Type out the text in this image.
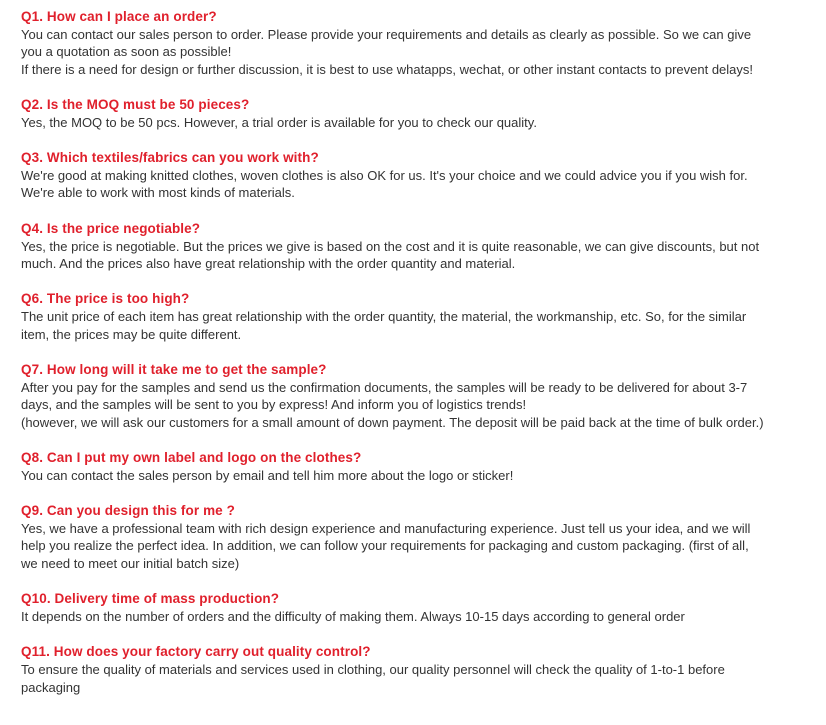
Q1. How can I place an order?

You can contact our sales person to order. Please provide your requirements and details as clearly as possible. So we can give you a quotation as soon as possible!
If there is a need for design or further discussion, it is best to use whatapps, wechat, or other instant contacts to prevent delays!

Q2. Is the MOQ must be 50 pieces?

Yes, the MOQ to be 50 pcs. However, a trial order is available for you to check our quality.

Q3. Which textiles/fabrics can you work with?

We're good at making knitted clothes, woven clothes is also OK for us. It's your choice and we could advice you if you wish for. We're able to work with most kinds of materials.

Q4. Is the price negotiable?

Yes, the price is negotiable. But the prices we give is based on the cost and it is quite reasonable, we can give discounts, but not much. And the prices also have great relationship with the order quantity and material.

Q6. The price is too high?

The unit price of each item has great relationship with the order quantity, the material, the workmanship, etc. So, for the similar item, the prices may be quite different.

Q7. How long will it take me to get the sample?

After you pay for the samples and send us the confirmation documents, the samples will be ready to be delivered for about 3-7 days, and the samples will be sent to you by express! And inform you of logistics trends!
(however, we will ask our customers for a small amount of down payment. The deposit will be paid back at the time of bulk order.)

Q8. Can I put my own label and logo on the clothes?

You can contact the sales person by email and tell him more about the logo or sticker!

Q9. Can you design this for me ?

Yes, we have a professional team with rich design experience and manufacturing experience. Just tell us your idea, and we will help you realize the perfect idea. In addition, we can follow your requirements for packaging and custom packaging. (first of all, we need to meet our initial batch size)

Q10. Delivery time of mass production?

It depends on the number of orders and the difficulty of making them. Always 10-15 days according to general order

Q11. How does your factory carry out quality control?

To ensure the quality of materials and services used in clothing, our quality personnel will check the quality of 1-to-1 before packaging
